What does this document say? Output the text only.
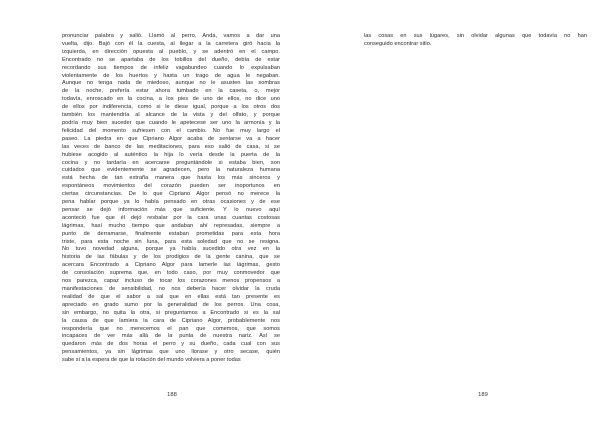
pronunciar palabra y salió. Llamó al perro, Anda, vamos a dar una
vuelta, dijo. Bajó con él la cuesta, al llegar a la carretera giró hacia la
izquierda, en dirección opuesta al pueblo, y se adentró en el campo.
Encontrado no se apartaba de los tobillos del dueño, debía de estar
recordando sus tiempos de infeliz vagabundeo cuando lo expulsaban
violentamente de los huertos y hasta un trago de agua le negaban.
Aunque no tenga nada de miedoso, aunque no le asusten las sombras
de la noche, prefería estar ahora tumbado en la caseta, o, mejor
todavía, enroscado en la cocina, a los pies de uno de ellos, no dice uno
de ellos por indiferencia, como si le diese igual, porque a los otros dos
también los mantendría al alcance de la vista y del olfato, y porque
podría muy bien suceder que cuando le apetecese ser uno la armonía y la
felicidad del momento sufriesen con el cambio. No fue muy largo el
paseo. La piedra en que Cipriano Algor acaba de sentarse va a hacer
las veces de banco de las meditaciones, para eso salió de casa, si se
hubiese acogido al auténtico la hija lo vería desde la puerta de la
cocina y no tardaría en acercarse preguntándole si estaba bien, son
cuidados que evidentemente se agradecen, pero la naturaleza humana
está hecha de tan extraña manera que hasta los más sinceros y
espontáneos movimientos del corazón pueden ser inoportunos en
ciertas circunstancias. De lo que Cipriano Algor pensó no merece la
pena hablar porque ya lo había pensado en otras ocasiones y de ese
pensar se dejó información más que suficiente. Y lo nuevo aquí
aconteció fue que él dejó resbalar por la cara unas cuantas costosas
lágrimas, hasí mucho tiempo que andaban ahí represadas, siempre a
punto de derramarse, finalmente estaban prometidas para esta hora
triste, para esta noche sin luna, para esta soledad que no se resigna.
No tuvo novedad alguna, porque ya había sucedido otra vez en la
historia de las fábulas y de los prodigios de la gente canina, que se
acercara Encontrado a Cipriano Algor para lamerle las lágrimas, gesto
de consolación suprema que, en todo caso, por muy conmovedor que
nos parezca, capaz incluso de tocar los corazones menos propensos a
manifestaciones de sensibilidad, no nos debería hacer olvidar la cruda
realidad de que el sabor a sal que en ellas está tan presente es
apreciado en grado sumo por la generalidad de los perros. Una cosa,
sin embargo, no quita la otra, si preguntamos a Encontrado si es la sal
la causa de que lamiera la cara de Cipriano Algor, probablemente nos
respondería que no merecemos el pan que comemos, que somos
incapaces de ver más allá de la punta de nuestra nariz. Así se
quedaron más de dos horas el perro y su dueño, cada cual con sus
pensamientos, ya sin lágrimas que uno llorase y otro secase, quién
sabe si a la espera de que la rotación del mundo volviera a poner todas
188
las cosas en sus lugares, sin olvidar algunas que todavía no han
conseguido encontrar sitio.
189
